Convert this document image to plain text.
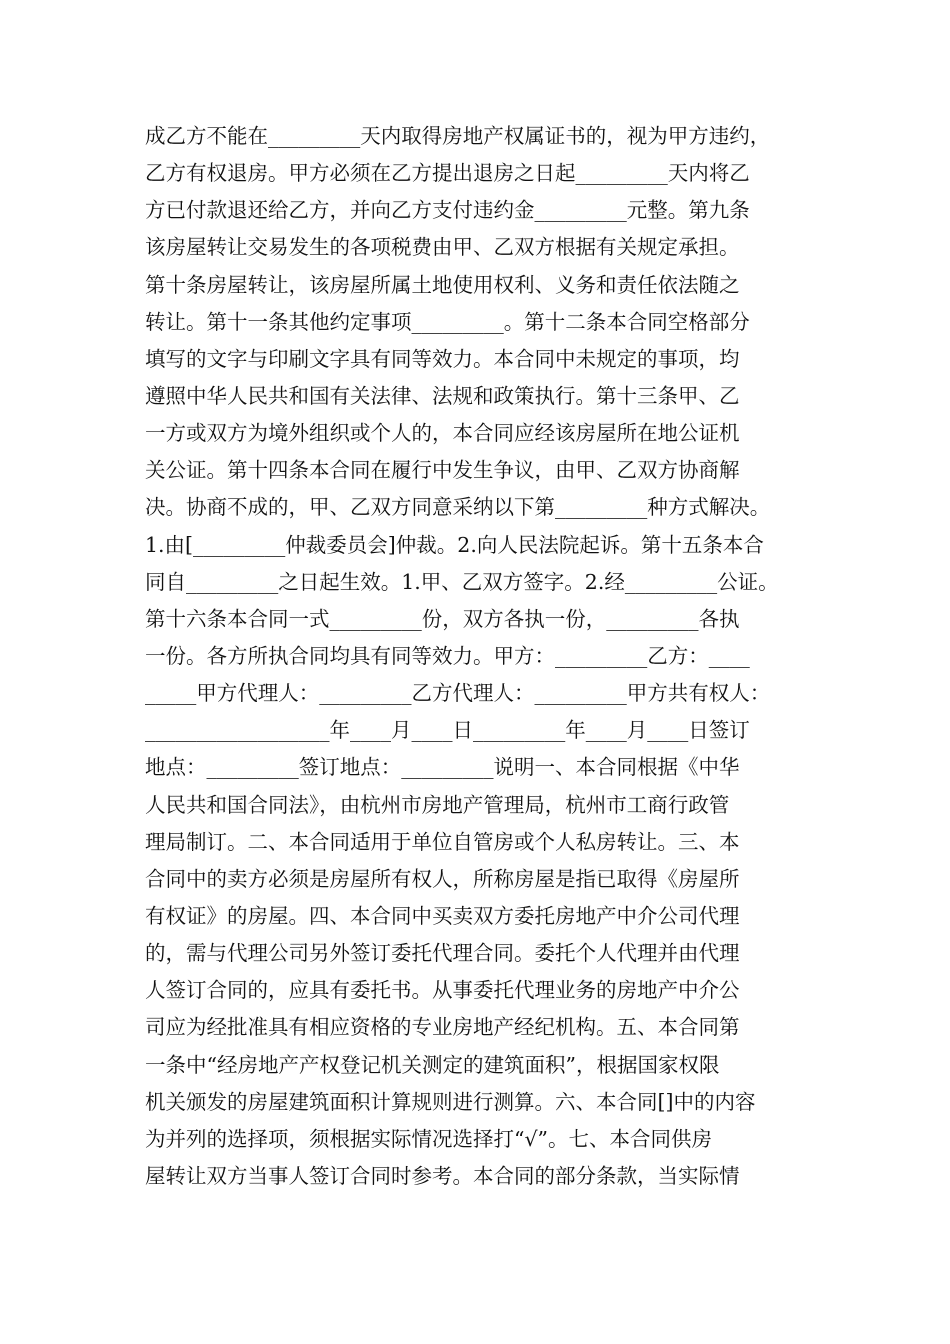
成乙方不能在_________天内取得房地产权属证书的，视为甲方违约，
乙方有权退房。甲方必须在乙方提出退房之日起_________天内将乙
方已付款退还给乙方，并向乙方支付违约金_________元整。第九条
该房屋转让交易发生的各项税费由甲、乙双方根据有关规定承担。
第十条房屋转让，该房屋所属土地使用权利、义务和责任依法随之
转让。第十一条其他约定事项_________。第十二条本合同空格部分
填写的文字与印刷文字具有同等效力。本合同中未规定的事项，均
遵照中华人民共和国有关法律、法规和政策执行。第十三条甲、乙
一方或双方为境外组织或个人的，本合同应经该房屋所在地公证机
关公证。第十四条本合同在履行中发生争议，由甲、乙双方协商解
决。协商不成的，甲、乙双方同意采纳以下第_________种方式解决。
1.由[_________仲裁委员会]仲裁。2.向人民法院起诉。第十五条本合
同自_________之日起生效。1.甲、乙双方签字。2.经_________公证。
第十六条本合同一式_________份，双方各执一份，_________各执
一份。各方所执合同均具有同等效力。甲方：_________乙方：____
_____甲方代理人：_________乙方代理人：_________甲方共有权人：
__________________年____月____日_________年____月____日签订
地点：_________签订地点：_________说明一、本合同根据《中华
人民共和国合同法》，由杭州市房地产管理局，杭州市工商行政管
理局制订。二、本合同适用于单位自管房或个人私房转让。三、本
合同中的卖方必须是房屋所有权人，所称房屋是指已取得《房屋所
有权证》的房屋。四、本合同中买卖双方委托房地产中介公司代理
的，需与代理公司另外签订委托代理合同。委托个人代理并由代理
人签订合同的，应具有委托书。从事委托代理业务的房地产中介公
司应为经批准具有相应资格的专业房地产经纪机构。五、本合同第
一条中“经房地产产权登记机关测定的建筑面积”，根据国家权限
机关颁发的房屋建筑面积计算规则进行测算。六、本合同[]中的内容
为并列的选择项，须根据实际情况选择打“√”。七、本合同供房
屋转让双方当事人签订合同时参考。本合同的部分条款，当实际情
